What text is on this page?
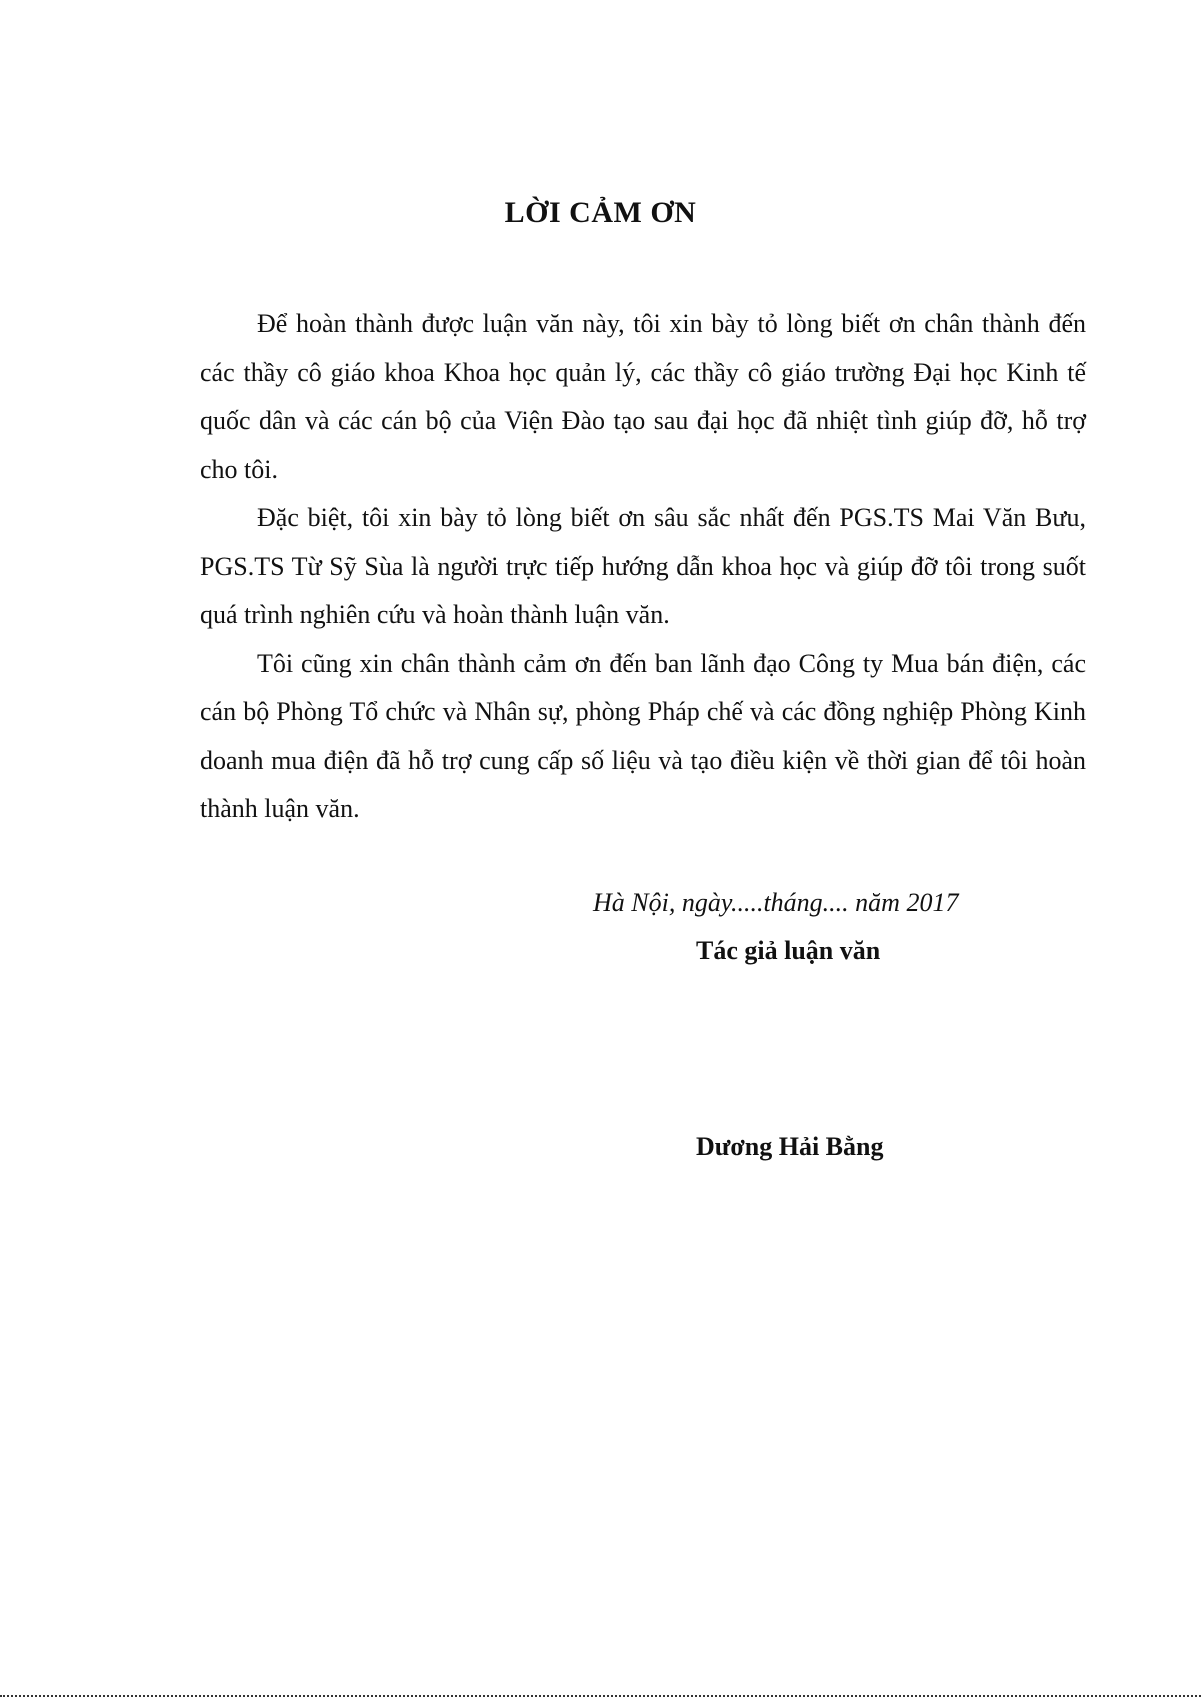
LỜI CẢM ƠN

Để hoàn thành được luận văn này, tôi xin bày tỏ lòng biết ơn chân thành đến các thầy cô giáo khoa Khoa học quản lý, các thầy cô giáo trường Đại học Kinh tế quốc dân và các cán bộ của Viện Đào tạo sau đại học đã nhiệt tình giúp đỡ, hỗ trợ cho tôi.

Đặc biệt, tôi xin bày tỏ lòng biết ơn sâu sắc nhất đến PGS.TS Mai Văn Bưu, PGS.TS Từ Sỹ Sùa là người trực tiếp hướng dẫn khoa học và giúp đỡ tôi trong suốt quá trình nghiên cứu và hoàn thành luận văn.

Tôi cũng xin chân thành cảm ơn đến ban lãnh đạo Công ty Mua bán điện, các cán bộ Phòng Tổ chức và Nhân sự, phòng Pháp chế và các đồng nghiệp Phòng Kinh doanh mua điện đã hỗ trợ cung cấp số liệu và tạo điều kiện về thời gian để tôi hoàn thành luận văn.

Hà Nội, ngày.....tháng.... năm 2017
Tác giả luận văn
Dương Hải Bằng
